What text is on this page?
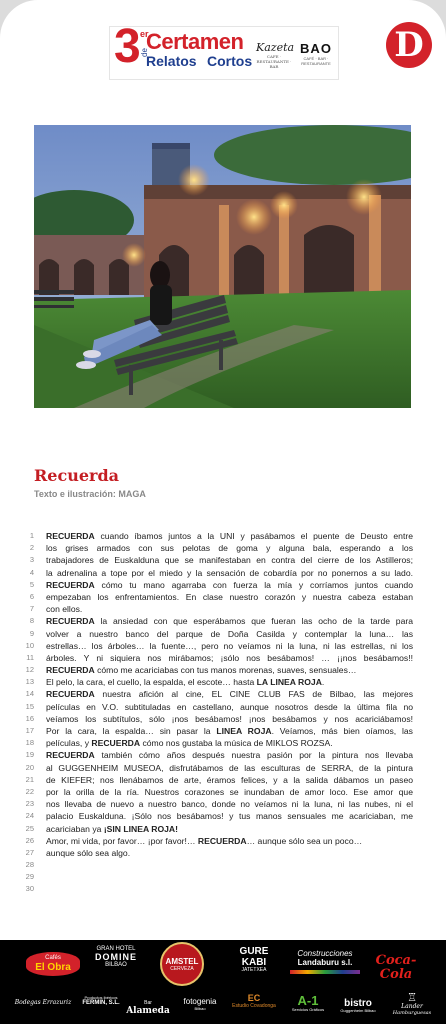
3 er
Certamen
de
Relatos Cortos
Kazeta
CAFE · RESTAURANTE · BAR
BAO
CAFÉ · BAR · RESTAURANTE D
Recuerda
Texto e ilustración: MAGA
1 RECUERDA cuando íbamos juntos a la UNI y pasábamos el puente de Deusto entre
2 los grises armados con sus pelotas de goma y alguna bala, esperando a los
3 trabajadores de Euskalduna que se manifestaban en contra del cierre de los Astilleros;
4 la adrenalina a tope por el miedo y la sensación de cobardía por no ponernos a su lado.
5 RECUERDA cómo tu mano agarraba con fuerza la mía y corríamos juntos cuando
6 empezaban los enfrentamientos. En clase nuestro corazón y nuestra cabeza estaban
7 con ellos.
8 RECUERDA la ansiedad con que esperábamos que fueran las ocho de la tarde para
9 volver a nuestro banco del parque de Doña Casilda y contemplar la luna… las
10 estrellas… los árboles… la fuente…, pero no veíamos ni la luna, ni las estrellas, ni los
11 árboles. Y ni siquiera nos mirábamos; ¡sólo nos besábamos! … ¡¡nos besábamos!!
12 RECUERDA cómo me acariciabas con tus manos morenas, suaves, sensuales…
13 El pelo, la cara, el cuello, la espalda, el escote… hasta LA LINEA ROJA.
14 RECUERDA nuestra afición al cine, EL CINE CLUB FAS de Bilbao, las mejores
15 películas en V.O. subtituladas en castellano, aunque nosotros desde la última fila no
16 veíamos los subtítulos, sólo ¡nos besábamos! ¡nos besábamos y nos acariciábamos!
17 Por la cara, la espalda… sin pasar la LINEA ROJA. Veíamos, más bien oíamos, las
18 películas, y RECUERDA cómo nos gustaba la música de MIKLOS ROZSA.
19 RECUERDA también cómo años después nuestra pasión por la pintura nos llevaba
20 al GUGGENHEIM MUSEOA, disfrutábamos de las esculturas de SERRA, de la pintura
21 de KIEFER; nos llenábamos de arte, éramos felices, y a la salida dábamos un paseo
22 por la orilla de la ría. Nuestros corazones se inundaban de amor loco. Ese amor que
23 nos llevaba de nuevo a nuestro banco, donde no veíamos ni la luna, ni las nubes, ni el
24 palacio Euskalduna. ¡Sólo nos besábamos! y tus manos sensuales me acariciaban, me
25 acariciaban ya ¡SIN LINEA ROJA!
26 Amor, mi vida, por favor… ¡por favor!… RECUERDA… aunque sólo sea un poco…
27 aunque sólo sea algo.
28
29
30
Cafés
El Obra
GRAN HOTEL
DOMINE
BILBAO	AMSTEL
CERVEZA
GURE
KABI
JATETXEA
Construcciones
Landaburu s.l.	Coca-Cola
Bodegas Errazuriz
Productos ibéricos
FERMIN, S.L.	Bar Alameda
fotogenia
Bilbao
EC
Estudio Covadonga	A-1
Servicios Gráficos
bistro
Guggenheim Bilbao
♖
Lander
Hamburguesas
